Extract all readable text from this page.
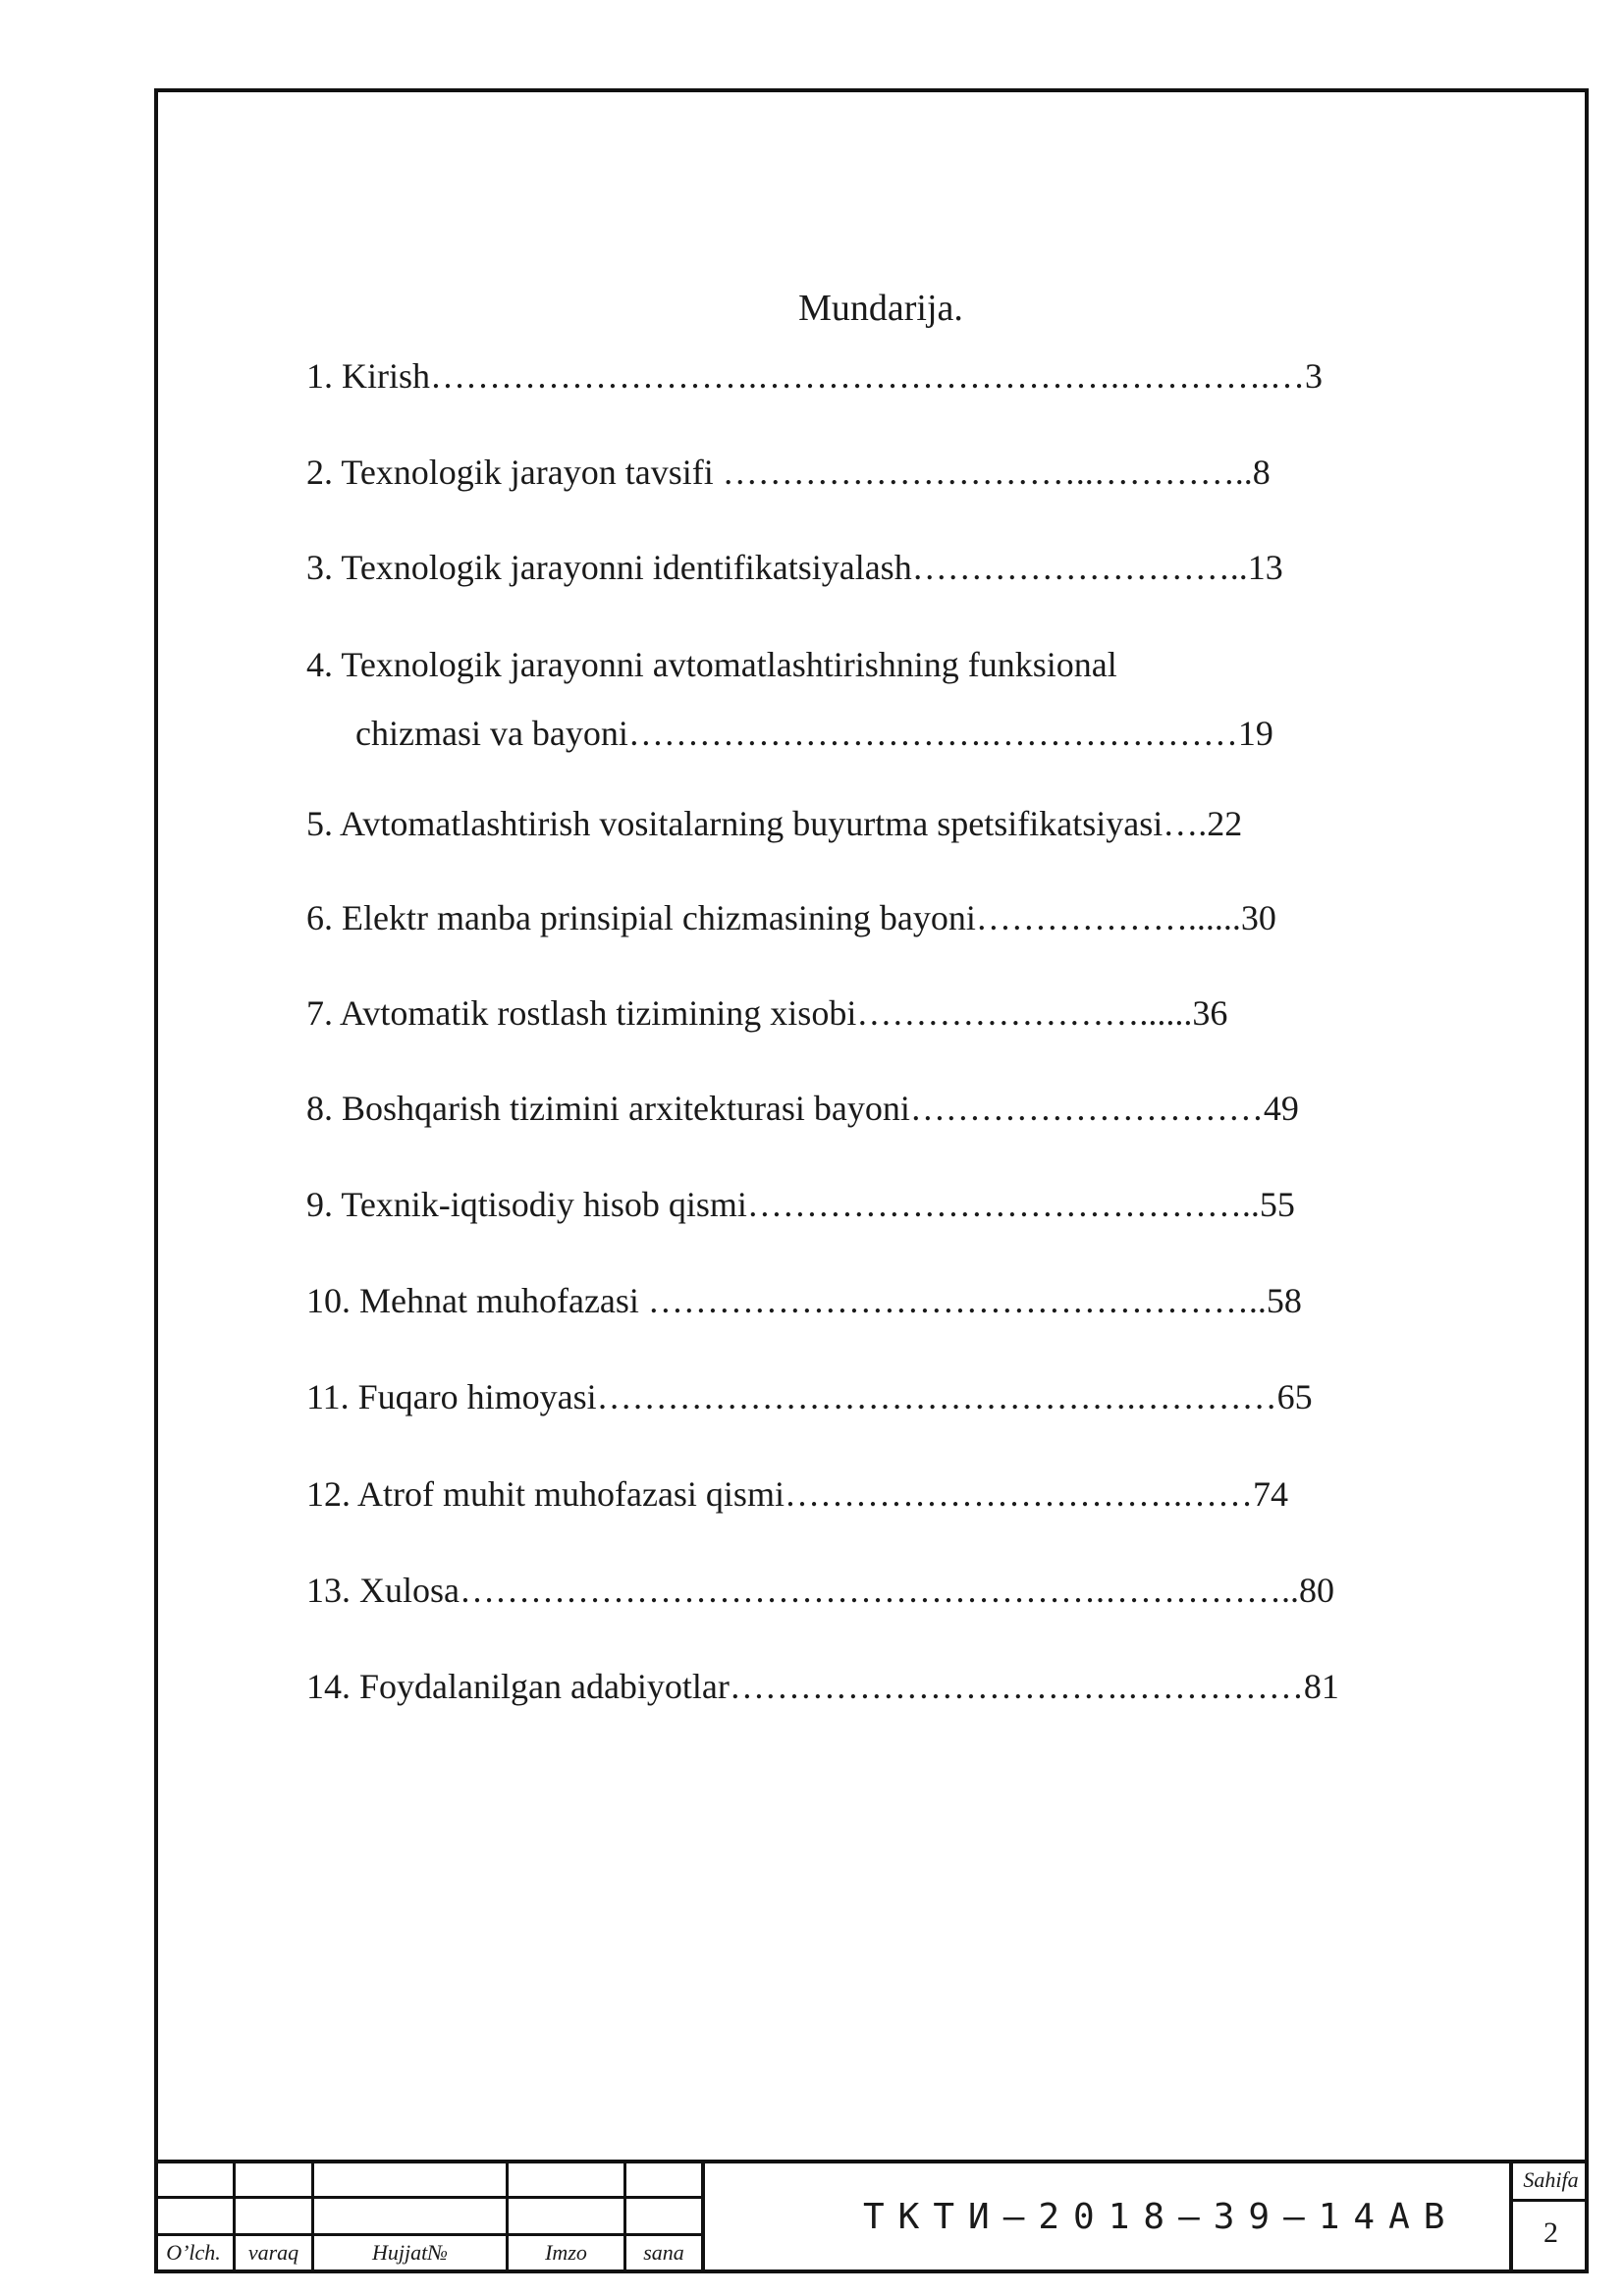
Mundarija.
1. Kirish……………………….………………………….………….…3
2. Texnologik jarayon tavsifi …………………………..…………..8
3. Texnologik jarayonni identifikatsiyalash………………………..13
4. Texnologik jarayonni avtomatlashtirishning funksional
chizmasi va bayoni………………………….…………………19
5. Avtomatlashtirish vositalarning buyurtma spetsifikatsiyasi….22
6. Elektr manba prinsipial chizmasining bayoni………………......30
7. Avtomatik rostlash tizimining xisobi……………………......36
8. Boshqarish tizimini arxitekturasi bayoni…………………………49
9. Texnik-iqtisodiy hisob qismi……………………………………..55
10. Mehnat muhofazasi ……………………………………………..58
11. Fuqaro himoyasi……………………………………….…………65
12. Atrof muhit muhofazasi qismi…………………………….……74
13. Xulosa……………………………………………….……………..80
14. Foydalanilgan adabiyotlar…………………………….……………81
O’lch.	varaq	Hujjat№	Imzo	sana
ТКТИ–2018–39–14АВ
Sahifa
2
